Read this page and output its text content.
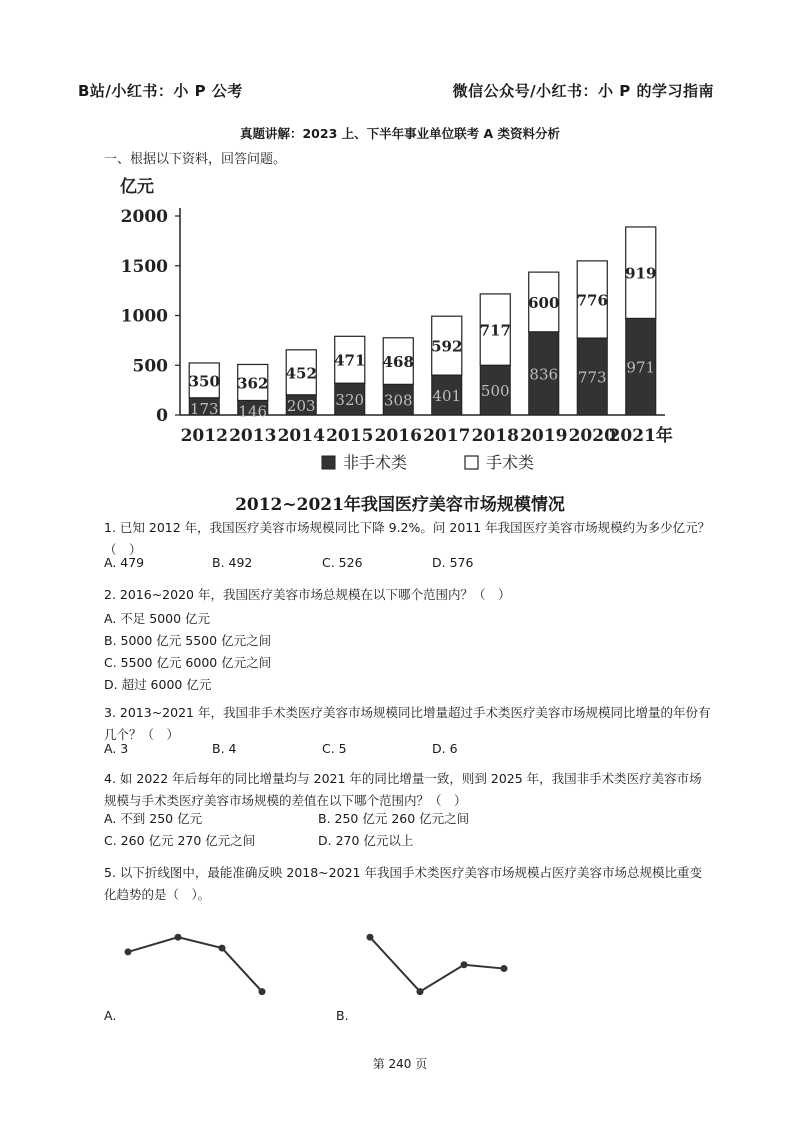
B站/小红书：小 P 公考	微信公众号/小红书：小 P 的学习指南
真题讲解：2023 上、下半年事业单位联考 A 类资料分析
一、根据以下资料，回答问题。
亿元
0
500
1000
1500
2000
173
350
2012
146
362
2013
203
452
2014
320
471
2015
308
468
2016
401
592
2017
500
717
2018
836
600
2019
773
776
2020
971
919
2021年
非手术类	手术类
2012~2021年我国医疗美容市场规模情况
1. 已知 2012 年，我国医疗美容市场规模同比下降 9.2%。问 2011 年我国医疗美容市场规模约为多少亿元？（　）
A. 479	B. 492	C. 526	D. 576
2. 2016~2020 年，我国医疗美容市场总规模在以下哪个范围内？（　）
A. 不足 5000 亿元
B. 5000 亿元 5500 亿元之间
C. 5500 亿元 6000 亿元之间
D. 超过 6000 亿元
3. 2013~2021 年，我国非手术类医疗美容市场规模同比增量超过手术类医疗美容市场规模同比增量的年份有几个？（　）
A. 3	B. 4	C. 5	D. 6
4. 如 2022 年后每年的同比增量均与 2021 年的同比增量一致，则到 2025 年，我国非手术类医疗美容市场规模与手术类医疗美容市场规模的差值在以下哪个范围内？（　）
A. 不到 250 亿元	B. 250 亿元 260 亿元之间
C. 260 亿元 270 亿元之间	D. 270 亿元以上
5. 以下折线图中，最能准确反映 2018~2021 年我国手术类医疗美容市场规模占医疗美容市场总规模比重变化趋势的是（　）。
A.	B.
第 240 页
